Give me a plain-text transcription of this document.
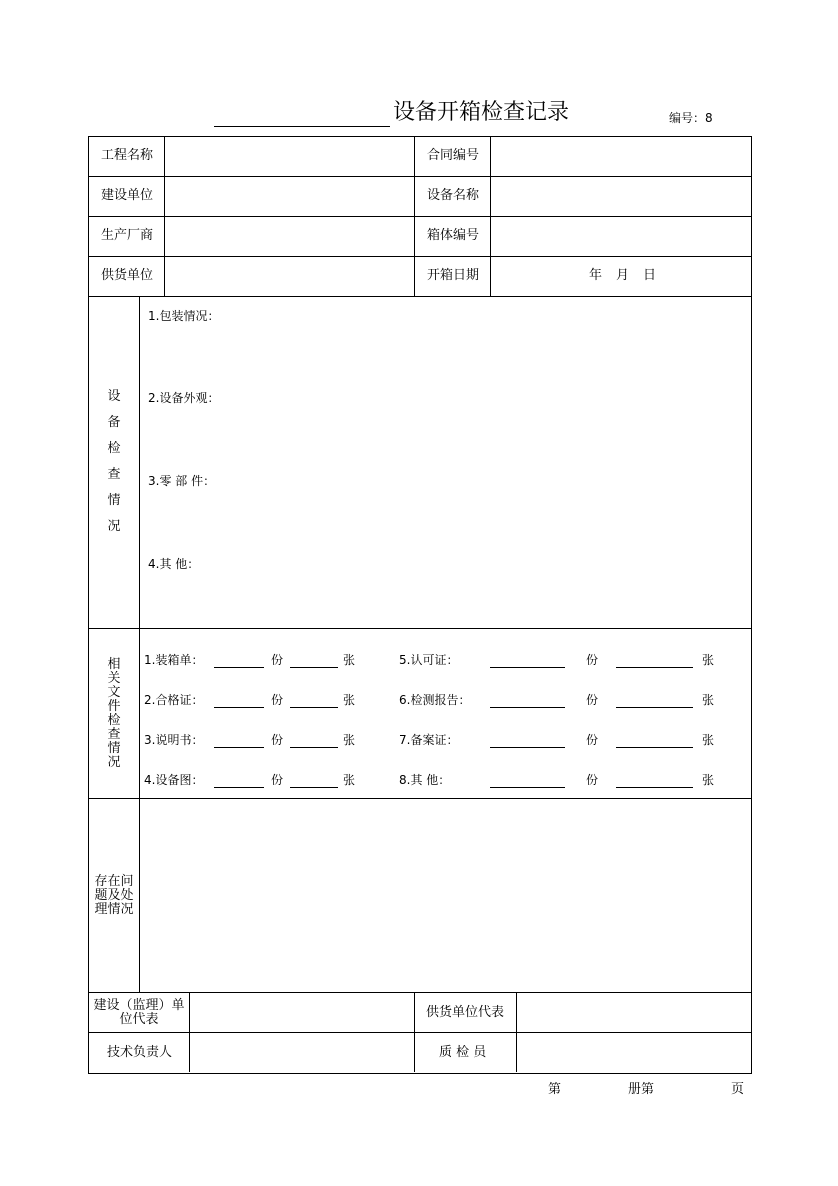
设备开箱检查记录	编号：8
工程名称	合同编号
建设单位	设备名称
生产厂商	箱体编号
供货单位	开箱日期	年 月 日
设备检查情况
1.包装情况：
2.设备外观：
3.零 部 件：
4.其 他：
相关文件检查情况
1.装箱单：	份	张	5.认可证：	份	张
2.合格证：	份	张	6.检测报告：	份	张
3.说明书：	份	张	7.备案证：	份	张
4.设备图：	份	张	8.其 他：	份	张
存在问题及处理情况
建设（监理）单位代表	供货单位代表
技术负责人	质 检 员
第	册第	页
